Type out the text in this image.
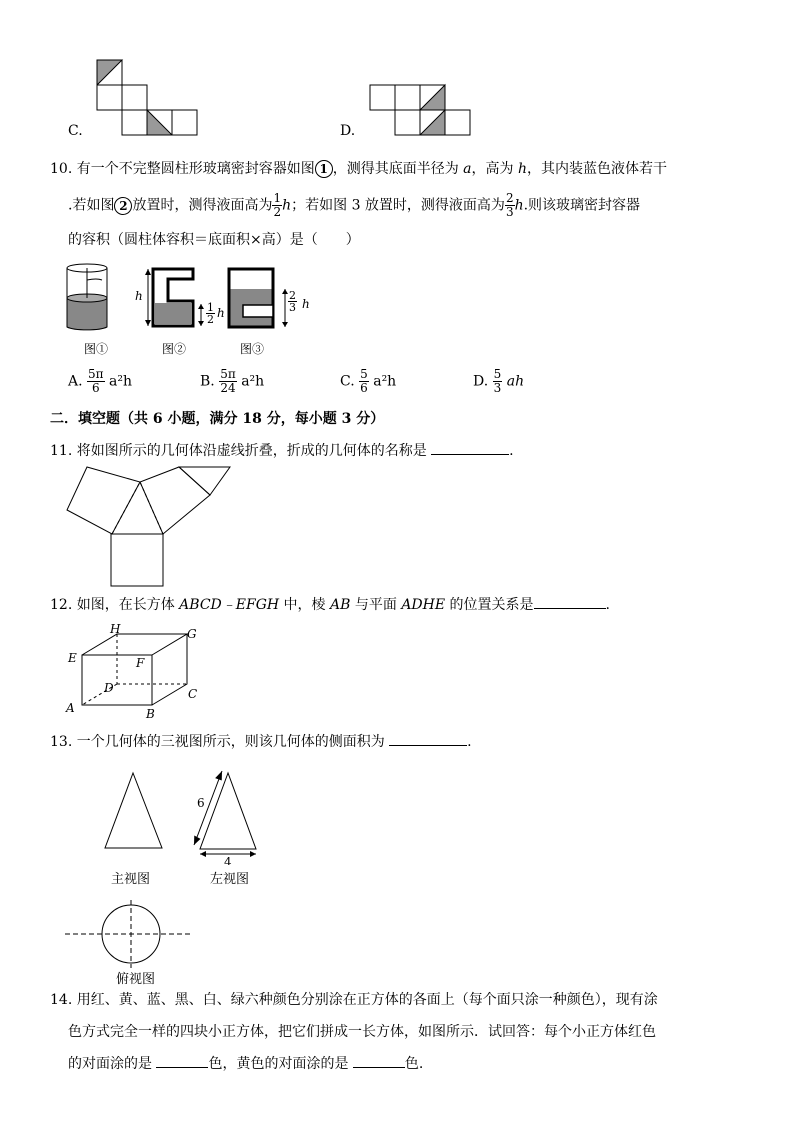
C.	D.
10. 有一个不完整圆柱形玻璃密封容器如图 1 ，测得其底面半径为 a，高为 h，其内装蓝色液体若干
.若如图 2 放置时，测得液面高为 $\frac{1}{2}$ h；若如图 3 放置时，测得液面高为 $\frac{2}{3} h$.则该玻璃密封容器
的容积（圆柱体容积＝底面积×高）是（　　）
图①
h
$\frac{1}{2}$ h
图②
$\frac{2}{3}$ h
图③
A. $\frac{5\pi}{6} a^2h$	B. $\frac{5\pi}{24} a^2h$	C. $\frac{5}{6} a^2h$	D. $\frac{5}{3}$ ah
二．填空题（共 6 小题，满分 18 分，每小题 3 分）
11. 将如图所示的几何体沿虚线折叠，折成的几何体的名称是	.
12. 如图，在长方体 ABCD﹣EFGH 中，棱 AB 与平面 ADHE 的位置关系是	.
H	G
E	F
D	C
A	B
13. 一个几何体的三视图所示，则该几何体的侧面积为	.
主视图
6
4
左视图
俯视图
14. 用红、黄、蓝、黑、白、绿六种颜色分别涂在正方体的各面上（每个面只涂一种颜色），现有涂
色方式完全一样的四块小正方体，把它们拼成一长方体，如图所示．试回答：每个小正方体红色
的对面涂的是	色，黄色的对面涂的是	色.
